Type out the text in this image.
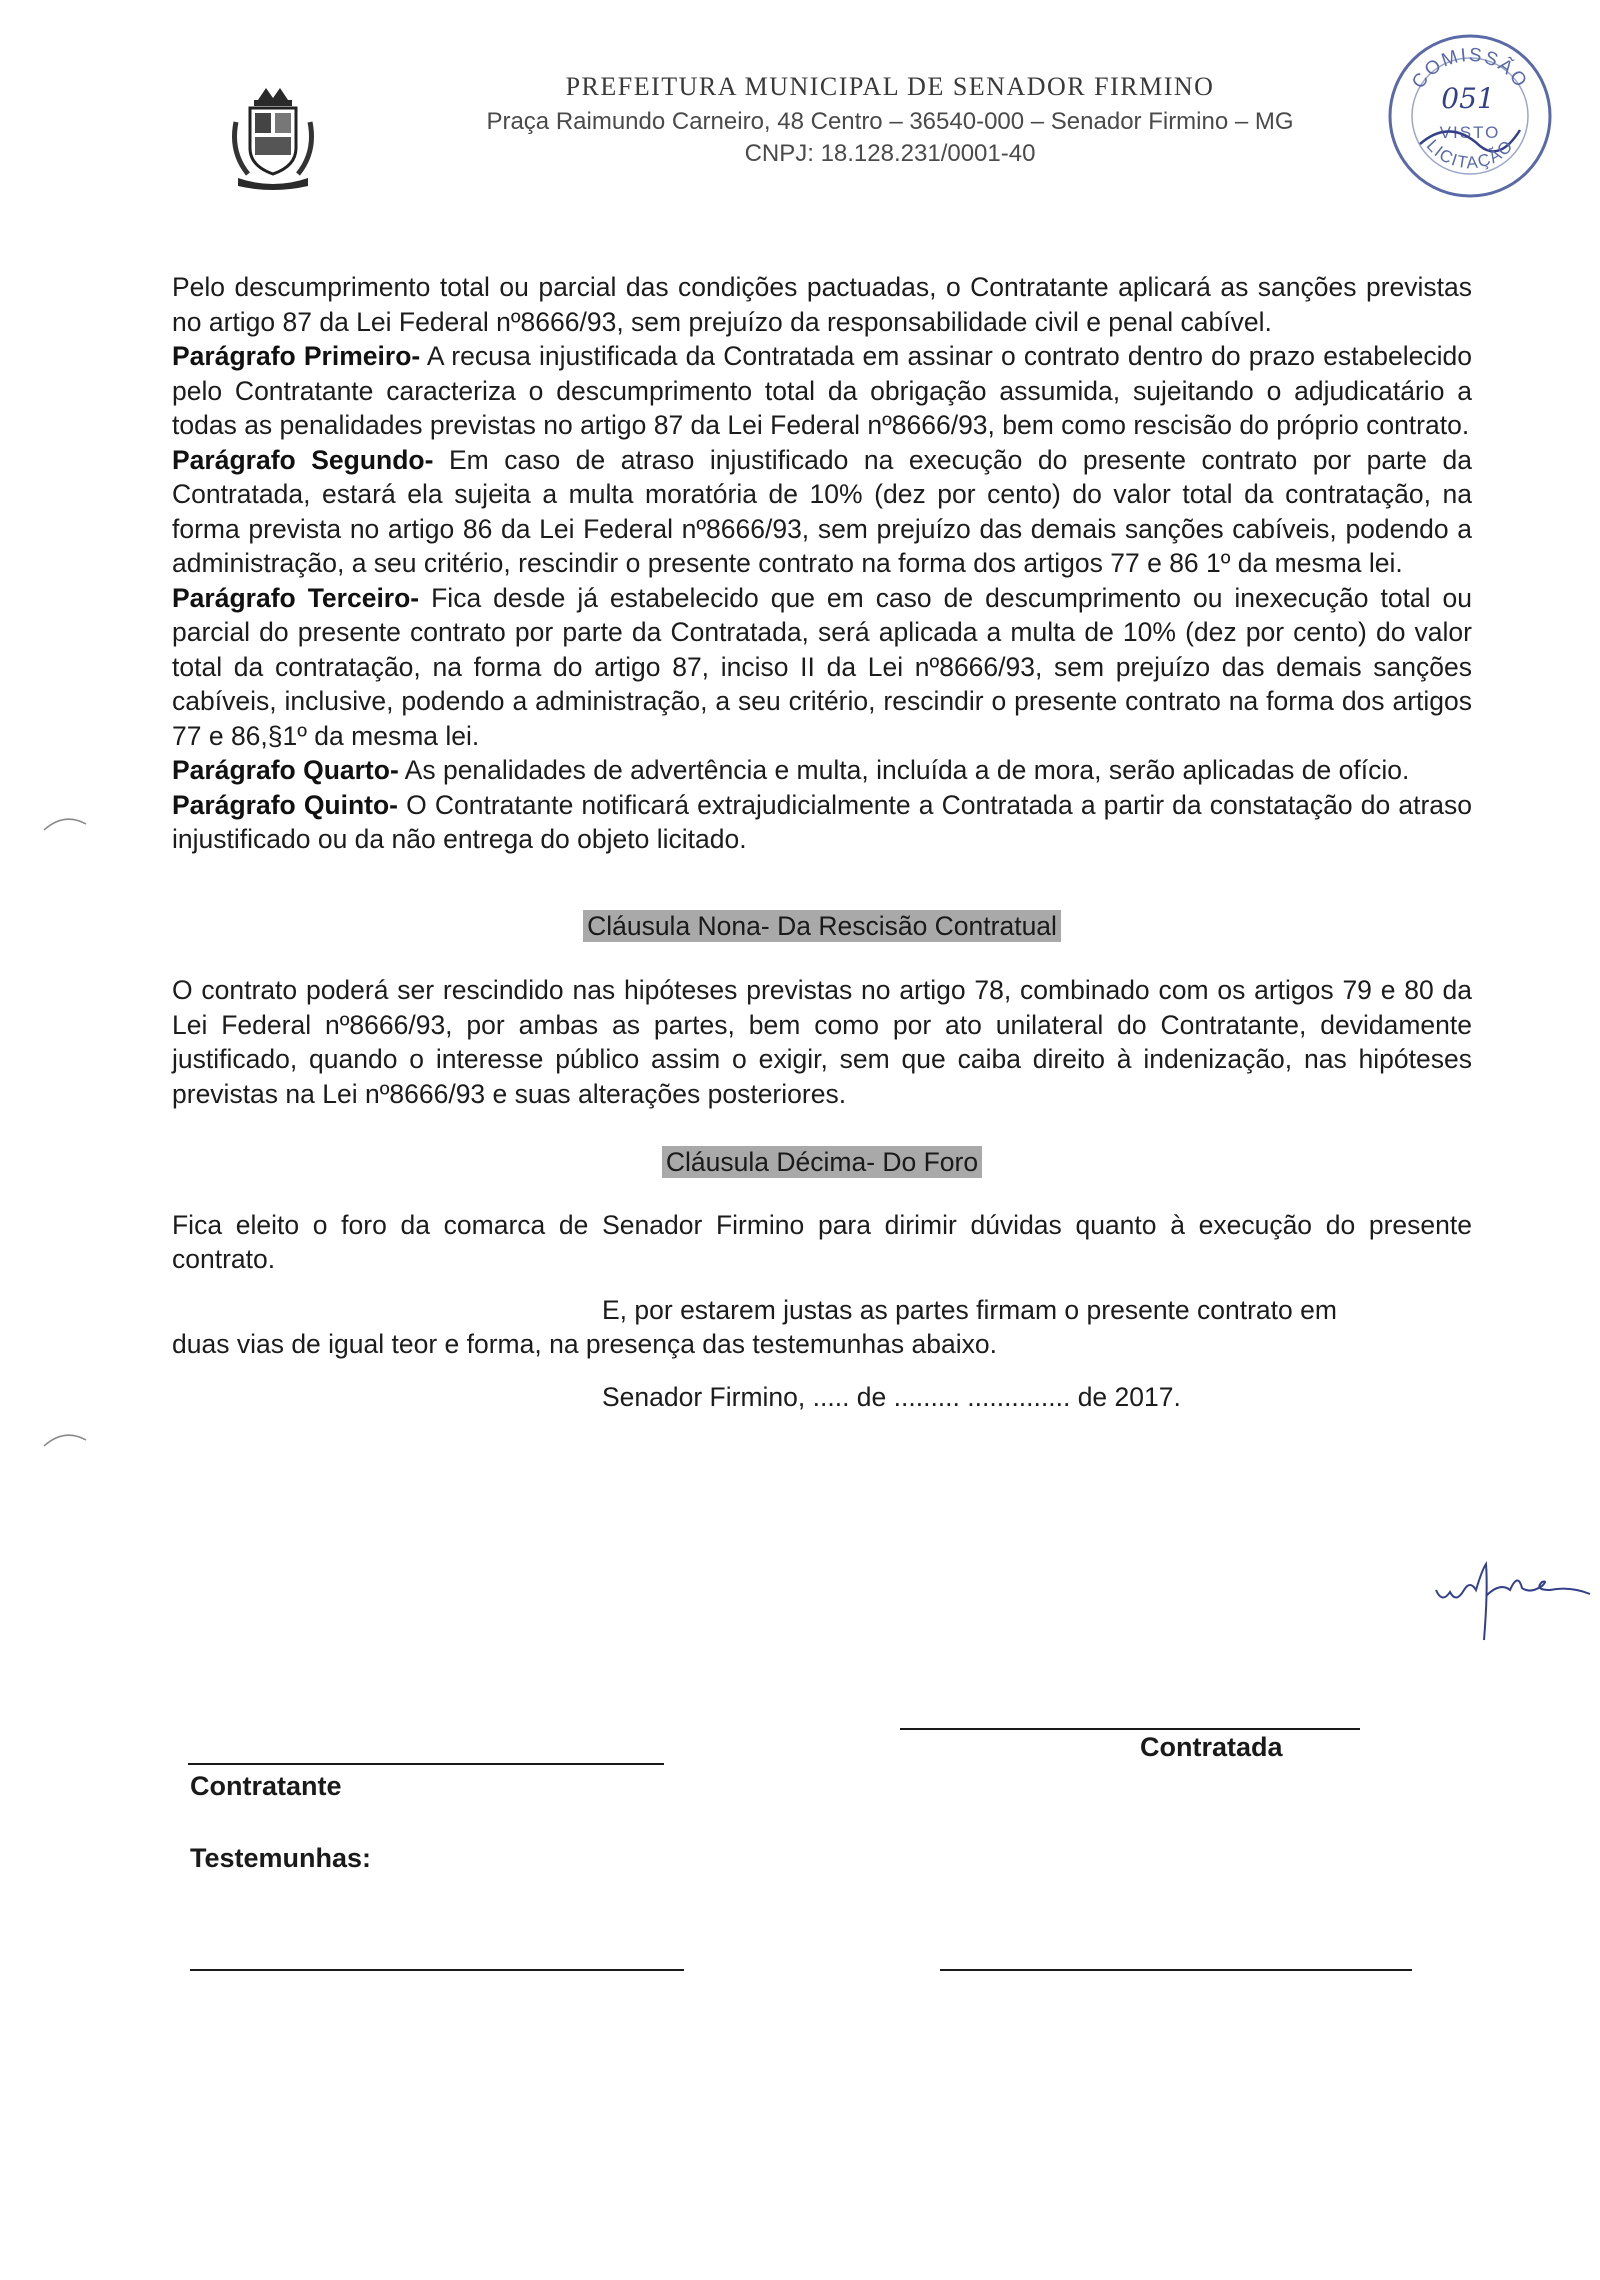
PREFEITURA MUNICIPAL DE SENADOR FIRMINO

Praça Raimundo Carneiro, 48 Centro – 36540-000 – Senador Firmino – MG

CNPJ: 18.128.231/0001-40

COMISSÃO
051
VISTO
LICITAÇÃO

Pelo descumprimento total ou parcial das condições pactuadas, o Contratante aplicará as sanções previstas no artigo 87 da Lei Federal nº8666/93, sem prejuízo da responsabilidade civil e penal cabível.

Parágrafo Primeiro- A recusa injustificada da Contratada em assinar o contrato dentro do prazo estabelecido pelo Contratante caracteriza o descumprimento total da obrigação assumida, sujeitando o adjudicatário a todas as penalidades previstas no artigo 87 da Lei Federal nº8666/93, bem como rescisão do próprio contrato.

Parágrafo Segundo- Em caso de atraso injustificado na execução do presente contrato por parte da Contratada, estará ela sujeita a multa moratória de 10% (dez por cento) do valor total da contratação, na forma prevista no artigo 86 da Lei Federal nº8666/93, sem prejuízo das demais sanções cabíveis, podendo a administração, a seu critério, rescindir o presente contrato na forma dos artigos 77 e 86 1º da mesma lei.

Parágrafo Terceiro- Fica desde já estabelecido que em caso de descumprimento ou inexecução total ou parcial do presente contrato por parte da Contratada, será aplicada a multa de 10% (dez por cento) do valor total da contratação, na forma do artigo 87, inciso II da Lei nº8666/93, sem prejuízo das demais sanções cabíveis, inclusive, podendo a administração, a seu critério, rescindir o presente contrato na forma dos artigos 77 e 86,§1º da mesma lei.

Parágrafo Quarto- As penalidades de advertência e multa, incluída a de mora, serão aplicadas de ofício.

Parágrafo Quinto- O Contratante notificará extrajudicialmente a Contratada a partir da constatação do atraso injustificado ou da não entrega do objeto licitado.

Cláusula Nona- Da Rescisão Contratual

O contrato poderá ser rescindido nas hipóteses previstas no artigo 78, combinado com os artigos 79 e 80 da Lei Federal nº8666/93, por ambas as partes, bem como por ato unilateral do Contratante, devidamente justificado, quando o interesse público assim o exigir, sem que caiba direito à indenização, nas hipóteses previstas na Lei nº8666/93 e suas alterações posteriores.

Cláusula Décima- Do Foro

Fica eleito o foro da comarca de Senador Firmino para dirimir dúvidas quanto à execução do presente contrato.

E, por estarem justas as partes firmam o presente contrato em

duas vias de igual teor e forma, na presença das testemunhas abaixo.

Senador Firmino, ..... de ......... .............. de 2017.

Contratada

Contratante

Testemunhas:
